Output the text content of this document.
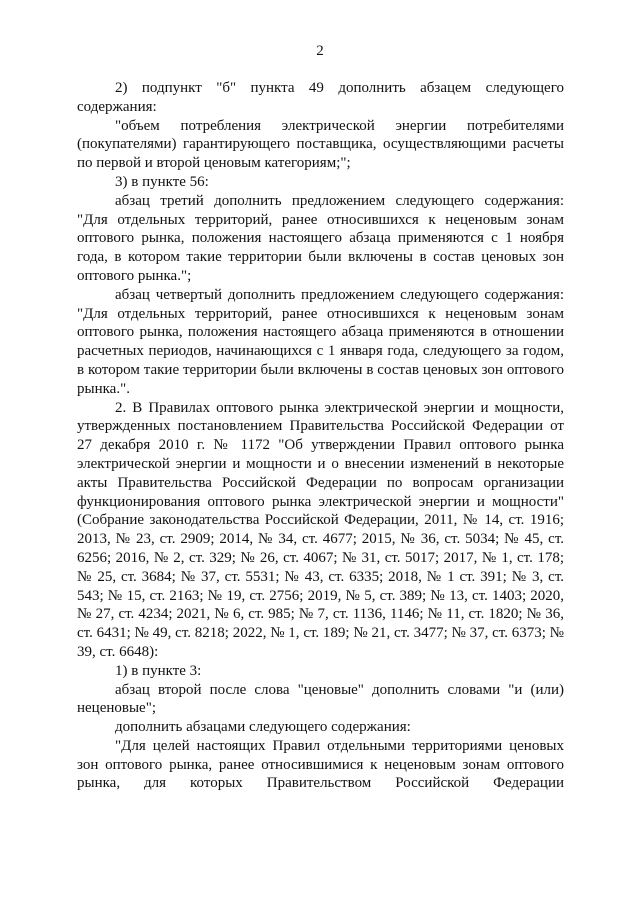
2

2) подпункт "б" пункта 49 дополнить абзацем следующего содержания:

"объем потребления электрической энергии потребителями (покупателями) гарантирующего поставщика, осуществляющими расчеты по первой и второй ценовым категориям;";

3) в пункте 56:

абзац третий дополнить предложением следующего содержания: "Для отдельных территорий, ранее относившихся к неценовым зонам оптового рынка, положения настоящего абзаца применяются с 1 ноября года, в котором такие территории были включены в состав ценовых зон оптового рынка.";

абзац четвертый дополнить предложением следующего содержания: "Для отдельных территорий, ранее относившихся к неценовым зонам оптового рынка, положения настоящего абзаца применяются в отношении расчетных периодов, начинающихся с 1 января года, следующего за годом, в котором такие территории были включены в состав ценовых зон оптового рынка.".

2. В Правилах оптового рынка электрической энергии и мощности, утвержденных постановлением Правительства Российской Федерации от 27 декабря 2010 г. № 1172 "Об утверждении Правил оптового рынка электрической энергии и мощности и о внесении изменений в некоторые акты Правительства Российской Федерации по вопросам организации функционирования оптового рынка электрической энергии и мощности" (Собрание законодательства Российской Федерации, 2011, № 14, ст. 1916; 2013, № 23, ст. 2909; 2014, № 34, ст. 4677; 2015, № 36, ст. 5034; № 45, ст. 6256; 2016, № 2, ст. 329; № 26, ст. 4067; № 31, ст. 5017; 2017, № 1, ст. 178; № 25, ст. 3684; № 37, ст. 5531; № 43, ст. 6335; 2018, № 1 ст. 391; № 3, ст. 543; № 15, ст. 2163; № 19, ст. 2756; 2019, № 5, ст. 389; № 13, ст. 1403; 2020, № 27, ст. 4234; 2021, № 6, ст. 985; № 7, ст. 1136, 1146; № 11, ст. 1820; № 36, ст. 6431; № 49, ст. 8218; 2022, № 1, ст. 189; № 21, ст. 3477; № 37, ст. 6373; № 39, ст. 6648):

1) в пункте 3:

абзац второй после слова "ценовые" дополнить словами "и (или) неценовые";

дополнить абзацами следующего содержания:

"Для целей настоящих Правил отдельными территориями ценовых зон оптового рынка, ранее относившимися к неценовым зонам оптового рынка, для которых Правительством Российской Федерации
